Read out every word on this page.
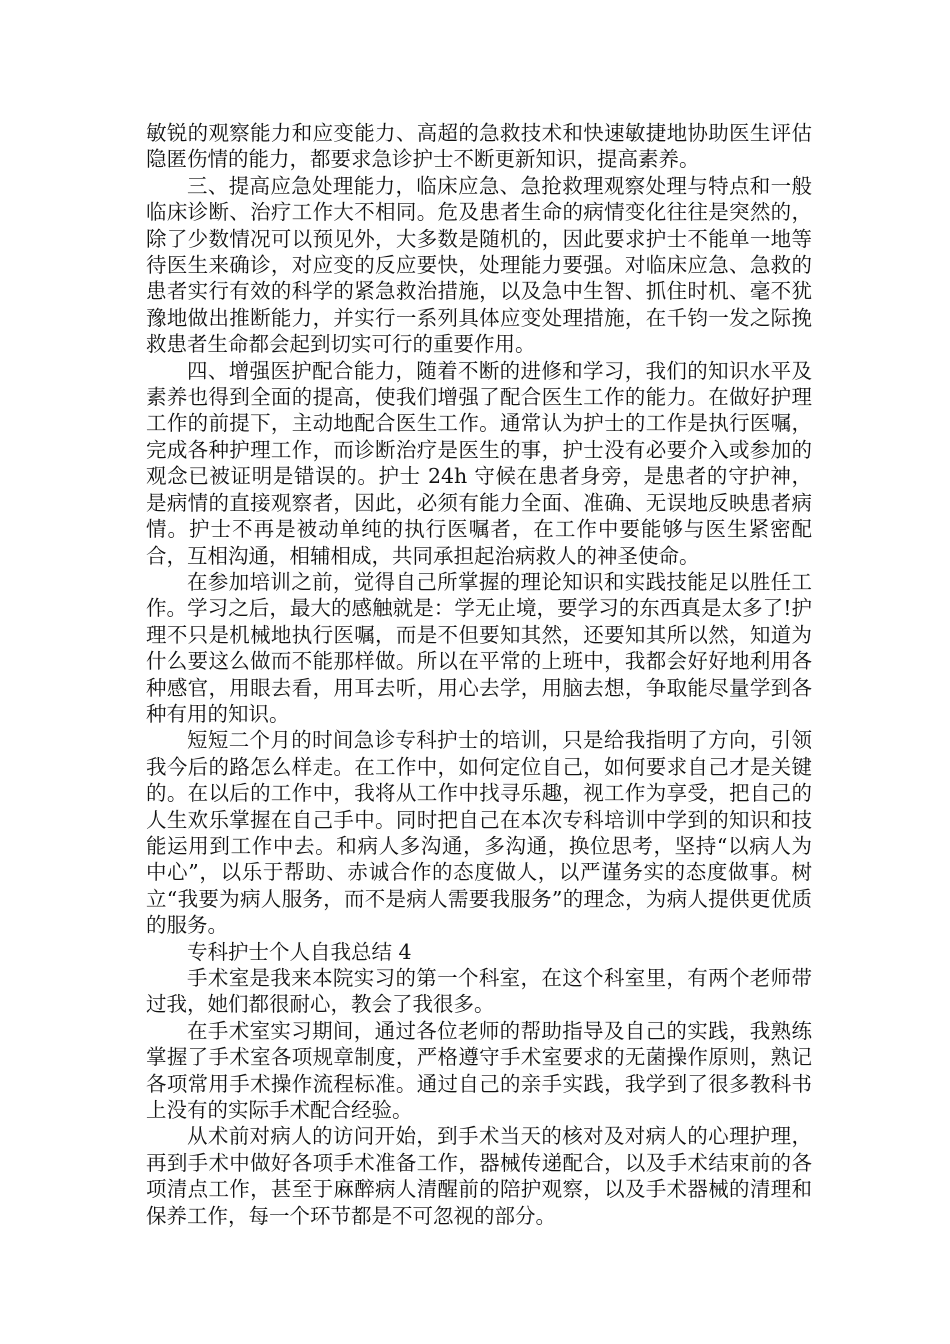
敏锐的观察能力和应变能力、高超的急救技术和快速敏捷地协助医生评估隐匿伤情的能力，都要求急诊护士不断更新知识，提高素养。

三、提高应急处理能力，临床应急、急抢救理观察处理与特点和一般临床诊断、治疗工作大不相同。危及患者生命的病情变化往往是突然的，除了少数情况可以预见外，大多数是随机的，因此要求护士不能单一地等待医生来确诊，对应变的反应要快，处理能力要强。对临床应急、急救的患者实行有效的科学的紧急救治措施，以及急中生智、抓住时机、毫不犹豫地做出推断能力，并实行一系列具体应变处理措施，在千钧一发之际挽救患者生命都会起到切实可行的重要作用。

四、增强医护配合能力，随着不断的进修和学习，我们的知识水平及素养也得到全面的提高，使我们增强了配合医生工作的能力。在做好护理工作的前提下，主动地配合医生工作。通常认为护士的工作是执行医嘱，完成各种护理工作，而诊断治疗是医生的事，护士没有必要介入或参加的观念已被证明是错误的。护士 24h 守候在患者身旁，是患者的守护神，是病情的直接观察者，因此，必须有能力全面、准确、无误地反映患者病情。护士不再是被动单纯的执行医嘱者，在工作中要能够与医生紧密配合，互相沟通，相辅相成，共同承担起治病救人的神圣使命。

在参加培训之前，觉得自己所掌握的理论知识和实践技能足以胜任工作。学习之后，最大的感触就是：学无止境，要学习的东西真是太多了!护理不只是机械地执行医嘱，而是不但要知其然，还要知其所以然，知道为什么要这么做而不能那样做。所以在平常的上班中，我都会好好地利用各种感官，用眼去看，用耳去听，用心去学，用脑去想，争取能尽量学到各种有用的知识。

短短二个月的时间急诊专科护士的培训，只是给我指明了方向，引领我今后的路怎么样走。在工作中，如何定位自己，如何要求自己才是关键的。在以后的工作中，我将从工作中找寻乐趣，视工作为享受，把自己的人生欢乐掌握在自己手中。同时把自己在本次专科培训中学到的知识和技能运用到工作中去。和病人多沟通，多沟通，换位思考，坚持“以病人为中心”，以乐于帮助、赤诚合作的态度做人，以严谨务实的态度做事。树立“我要为病人服务，而不是病人需要我服务”的理念，为病人提供更优质的服务。

专科护士个人自我总结 4

手术室是我来本院实习的第一个科室，在这个科室里，有两个老师带过我，她们都很耐心，教会了我很多。

在手术室实习期间，通过各位老师的帮助指导及自己的实践，我熟练掌握了手术室各项规章制度，严格遵守手术室要求的无菌操作原则，熟记各项常用手术操作流程标准。通过自己的亲手实践，我学到了很多教科书上没有的实际手术配合经验。

从术前对病人的访问开始，到手术当天的核对及对病人的心理护理，再到手术中做好各项手术准备工作，器械传递配合，以及手术结束前的各项清点工作，甚至于麻醉病人清醒前的陪护观察，以及手术器械的清理和保养工作，每一个环节都是不可忽视的部分。
